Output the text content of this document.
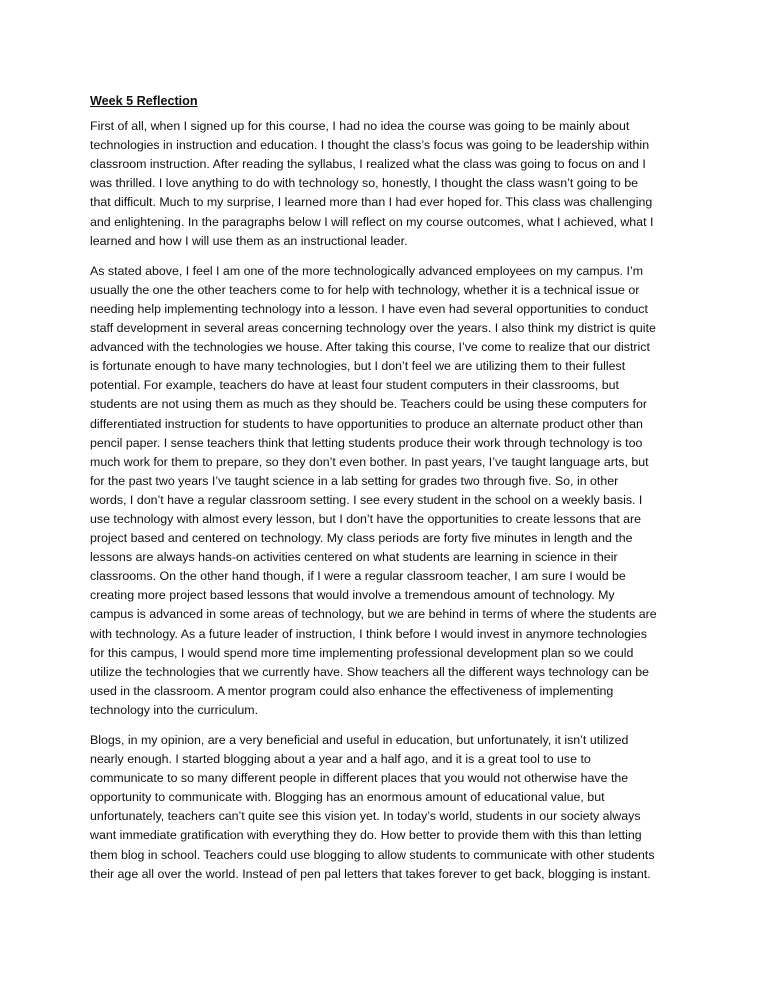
Week 5 Reflection
First of all, when I signed up for this course, I had no idea the course was going to be mainly about
technologies in instruction and education. I thought the class’s focus was going to be leadership within
classroom instruction. After reading the syllabus, I realized what the class was going to focus on and I
was thrilled. I love anything to do with technology so, honestly, I thought the class wasn’t going to be
that difficult. Much to my surprise, I learned more than I had ever hoped for. This class was challenging
and enlightening. In the paragraphs below I will reflect on my course outcomes, what I achieved, what I
learned and how I will use them as an instructional leader.
As stated above, I feel I am one of the more technologically advanced employees on my campus. I’m
usually the one the other teachers come to for help with technology, whether it is a technical issue or
needing help implementing technology into a lesson. I have even had several opportunities to conduct
staff development in several areas concerning technology over the years. I also think my district is quite
advanced with the technologies we house. After taking this course, I’ve come to realize that our district
is fortunate enough to have many technologies, but I don’t feel we are utilizing them to their fullest
potential. For example, teachers do have at least four student computers in their classrooms, but
students are not using them as much as they should be. Teachers could be using these computers for
differentiated instruction for students to have opportunities to produce an alternate product other than
pencil paper. I sense teachers think that letting students produce their work through technology is too
much work for them to prepare, so they don’t even bother. In past years, I’ve taught language arts, but
for the past two years I’ve taught science in a lab setting for grades two through five. So, in other
words, I don’t have a regular classroom setting. I see every student in the school on a weekly basis. I
use technology with almost every lesson, but I don’t have the opportunities to create lessons that are
project based and centered on technology. My class periods are forty five minutes in length and the
lessons are always hands-on activities centered on what students are learning in science in their
classrooms. On the other hand though, if I were a regular classroom teacher, I am sure I would be
creating more project based lessons that would involve a tremendous amount of technology. My
campus is advanced in some areas of technology, but we are behind in terms of where the students are
with technology. As a future leader of instruction, I think before I would invest in anymore technologies
for this campus, I would spend more time implementing professional development plan so we could
utilize the technologies that we currently have. Show teachers all the different ways technology can be
used in the classroom. A mentor program could also enhance the effectiveness of implementing
technology into the curriculum.
Blogs, in my opinion, are a very beneficial and useful in education, but unfortunately, it isn’t utilized
nearly enough. I started blogging about a year and a half ago, and it is a great tool to use to
communicate to so many different people in different places that you would not otherwise have the
opportunity to communicate with. Blogging has an enormous amount of educational value, but
unfortunately, teachers can’t quite see this vision yet. In today’s world, students in our society always
want immediate gratification with everything they do. How better to provide them with this than letting
them blog in school. Teachers could use blogging to allow students to communicate with other students
their age all over the world. Instead of pen pal letters that takes forever to get back, blogging is instant.
